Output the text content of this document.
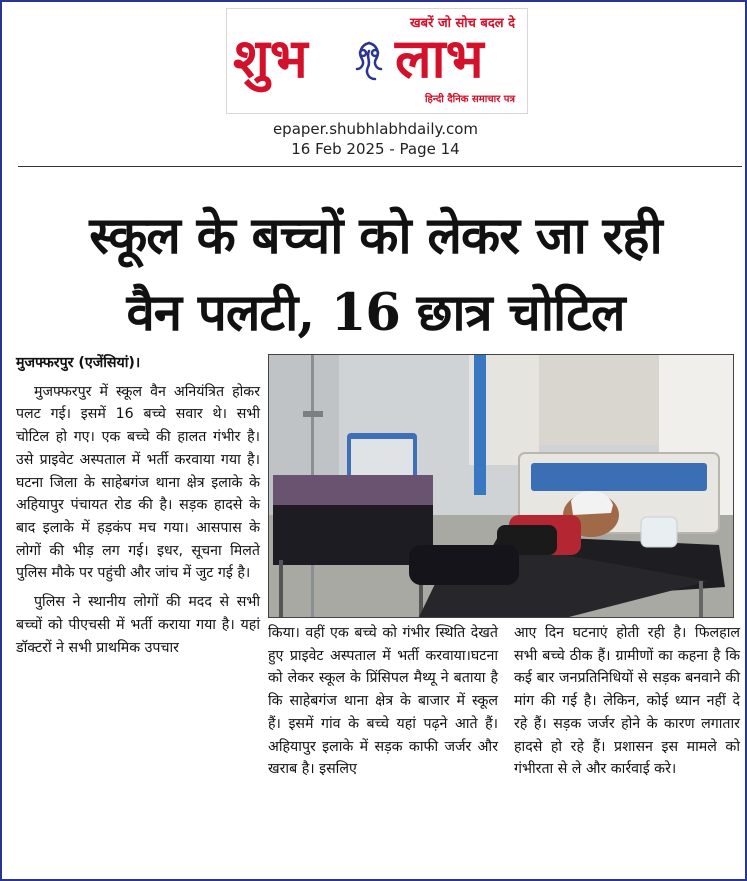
खबरें जो सोच बदल दे
शुभ लाभ
हिन्दी दैनिक समाचार पत्र
epaper.shubhlabhdaily.com
16 Feb 2025 - Page 14
स्कूल के बच्चों को लेकर जा रही
वैन पलटी, 16 छात्र चोटिल

मुजफ्फरपुर (एजेंसियां)।

मुजफ्फरपुर में स्कूल वैन अनियंत्रित होकर पलट गई। इसमें 16 बच्चे सवार थे। सभी चोटिल हो गए। एक बच्चे की हालत गंभीर है। उसे प्राइवेट अस्पताल में भर्ती करवाया गया है। घटना जिला के साहेबगंज थाना क्षेत्र इलाके के अहियापुर पंचायत रोड की है। सड़क हादसे के बाद इलाके में हड़कंप मच गया। आसपास के लोगों की भीड़ लग गई। इधर, सूचना मिलते पुलिस मौके पर पहुंची और जांच में जुट गई है।

पुलिस ने स्थानीय लोगों की मदद से सभी बच्चों को पीएचसी में भर्ती कराया गया है। यहां डॉक्टरों ने सभी प्राथमिक उपचार

किया। वहीं एक बच्चे को गंभीर स्थिति देखते हुए प्राइवेट अस्पताल में भर्ती करवाया।घटना को लेकर स्कूल के प्रिंसिपल मैथ्यू ने बताया है कि साहेबगंज थाना क्षेत्र के बाजार में स्कूल हैं। इसमें गांव के बच्चे यहां पढ़ने आते हैं। अहियापुर इलाके में सड़क काफी जर्जर और खराब है। इसलिए

आए दिन घटनाएं होती रही है। फिलहाल सभी बच्चे ठीक हैं। ग्रामीणों का कहना है कि कई बार जनप्रतिनिधियों से सड़क बनवाने की मांग की गई है। लेकिन, कोई ध्यान नहीं दे रहे हैं। सड़क जर्जर होने के कारण लगातार हादसे हो रहे हैं। प्रशासन इस मामले को गंभीरता से ले और कार्रवाई करे।
